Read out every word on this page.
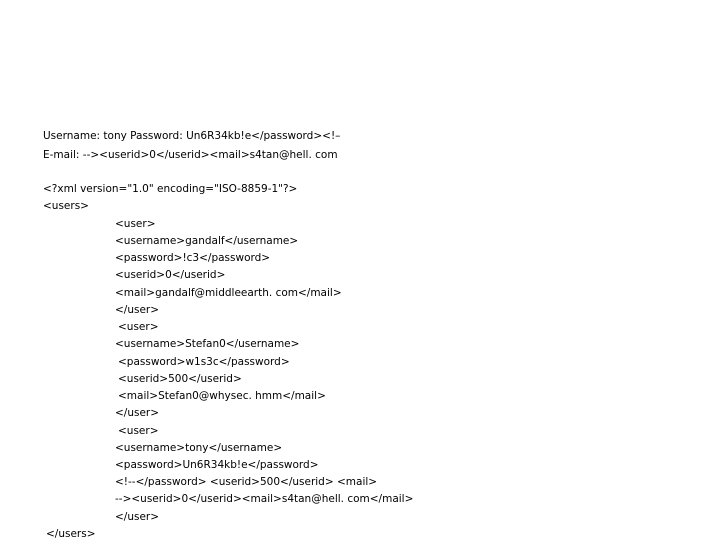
Username: tony Password: Un6R34kb!e</password><!–
E-mail: --><userid>0</userid><mail>s4tan@hell. com
<?xml version="1.0" encoding="ISO-8859-1"?>
<users>
<user>
<username>gandalf</username>
<password>!c3</password>
<userid>0</userid>
<mail>gandalf@middleearth. com</mail>
</user>
<user>
<username>Stefan0</username>
<password>w1s3c</password>
<userid>500</userid>
<mail>Stefan0@whysec. hmm</mail>
</user>
<user>
<username>tony</username>
<password>Un6R34kb!e</password>
<!--</password> <userid>500</userid> <mail>
--><userid>0</userid><mail>s4tan@hell. com</mail>
</user>
</users>
